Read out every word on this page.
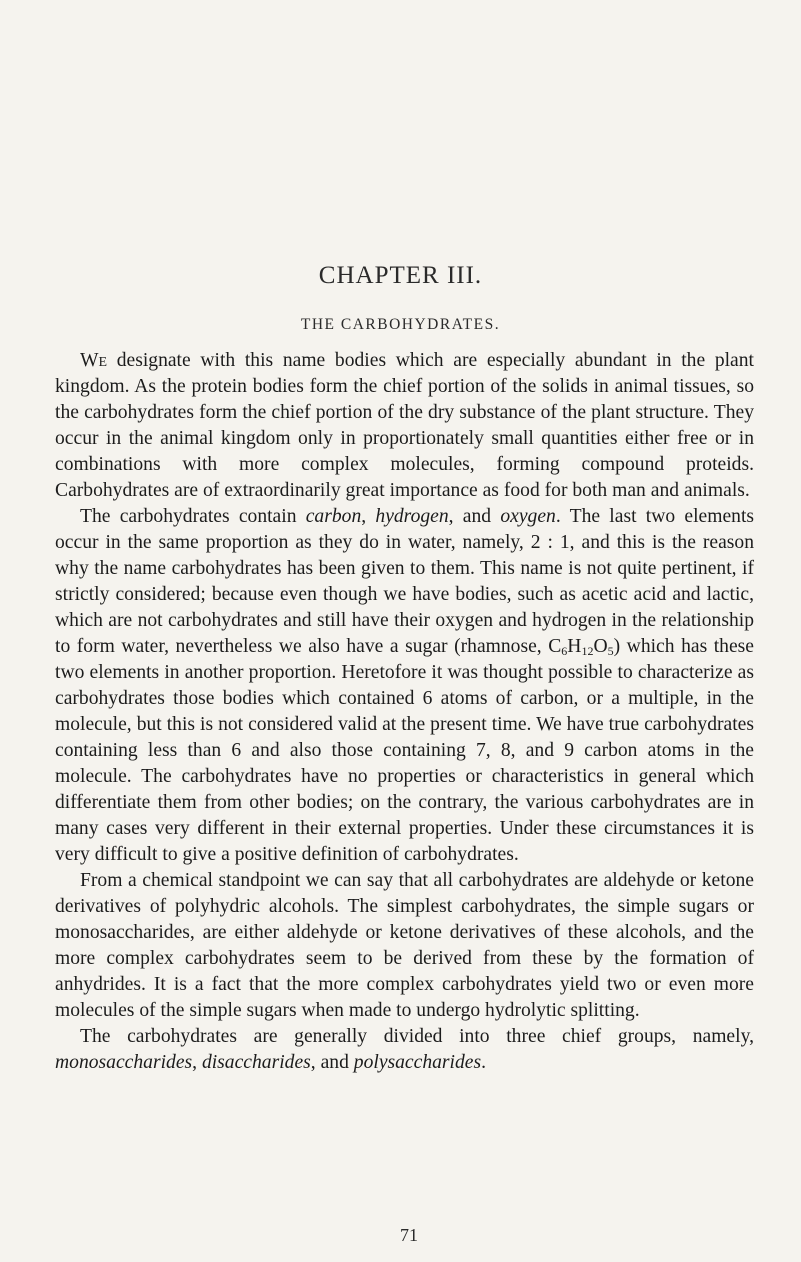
CHAPTER III.
THE CARBOHYDRATES.

We designate with this name bodies which are especially abundant in the plant kingdom. As the protein bodies form the chief portion of the solids in animal tissues, so the carbohydrates form the chief portion of the dry substance of the plant structure. They occur in the animal kingdom only in proportionately small quantities either free or in combinations with more complex molecules, forming compound proteids. Carbohydrates are of extraordinarily great importance as food for both man and animals.

The carbohydrates contain carbon, hydrogen, and oxygen. The last two elements occur in the same proportion as they do in water, namely, 2 : 1, and this is the reason why the name carbohydrates has been given to them. This name is not quite pertinent, if strictly considered; because even though we have bodies, such as acetic acid and lactic, which are not carbohydrates and still have their oxygen and hydrogen in the relationship to form water, nevertheless we also have a sugar (rhamnose, $C_6H_{12}O_5$) which has these two elements in another proportion. Heretofore it was thought possible to characterize as carbohydrates those bodies which contained 6 atoms of carbon, or a multiple, in the molecule, but this is not considered valid at the present time. We have true carbohydrates containing less than 6 and also those containing 7, 8, and 9 carbon atoms in the molecule. The carbohydrates have no properties or characteristics in general which differentiate them from other bodies; on the contrary, the various carbohydrates are in many cases very different in their external properties. Under these circumstances it is very difficult to give a positive definition of carbohydrates.

From a chemical standpoint we can say that all carbohydrates are aldehyde or ketone derivatives of polyhydric alcohols. The simplest carbohydrates, the simple sugars or monosaccharides, are either aldehyde or ketone derivatives of these alcohols, and the more complex carbohydrates seem to be derived from these by the formation of anhydrides. It is a fact that the more complex carbohydrates yield two or even more molecules of the simple sugars when made to undergo hydrolytic splitting.

The carbohydrates are generally divided into three chief groups, namely, monosaccharides, disaccharides, and polysaccharides.

71
